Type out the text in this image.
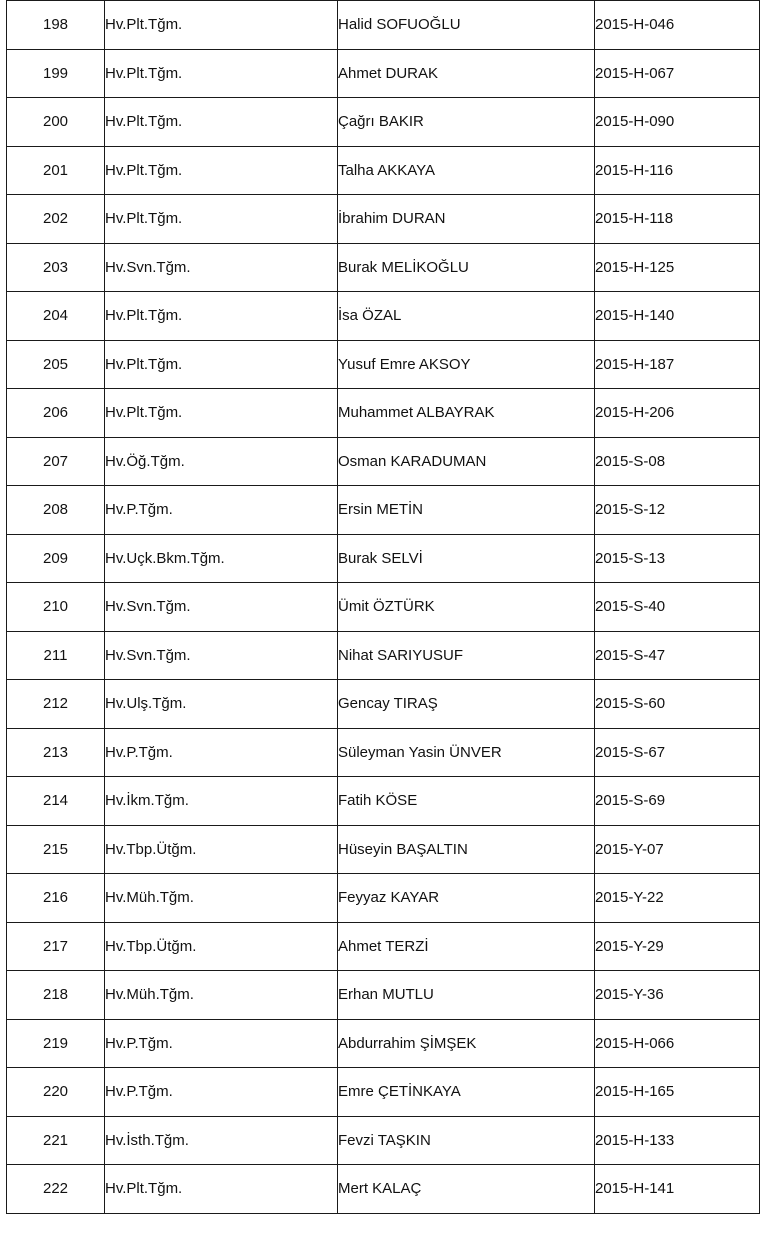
198	Hv.Plt.Tğm.	Halid SOFUOĞLU	2015-H-046
199	Hv.Plt.Tğm.	Ahmet DURAK	2015-H-067
200	Hv.Plt.Tğm.	Çağrı BAKIR	2015-H-090
201	Hv.Plt.Tğm.	Talha AKKAYA	2015-H-116
202	Hv.Plt.Tğm.	İbrahim DURAN	2015-H-118
203	Hv.Svn.Tğm.	Burak MELİKOĞLU	2015-H-125
204	Hv.Plt.Tğm.	İsa ÖZAL	2015-H-140
205	Hv.Plt.Tğm.	Yusuf Emre AKSOY	2015-H-187
206	Hv.Plt.Tğm.	Muhammet ALBAYRAK	2015-H-206
207	Hv.Öğ.Tğm.	Osman KARADUMAN	2015-S-08
208	Hv.P.Tğm.	Ersin METİN	2015-S-12
209	Hv.Uçk.Bkm.Tğm.	Burak SELVİ	2015-S-13
210	Hv.Svn.Tğm.	Ümit ÖZTÜRK	2015-S-40
211	Hv.Svn.Tğm.	Nihat SARIYUSUF	2015-S-47
212	Hv.Ulş.Tğm.	Gencay TIRAŞ	2015-S-60
213	Hv.P.Tğm.	Süleyman Yasin ÜNVER	2015-S-67
214	Hv.İkm.Tğm.	Fatih KÖSE	2015-S-69
215	Hv.Tbp.Ütğm.	Hüseyin BAŞALTIN	2015-Y-07
216	Hv.Müh.Tğm.	Feyyaz KAYAR	2015-Y-22
217	Hv.Tbp.Ütğm.	Ahmet TERZİ	2015-Y-29
218	Hv.Müh.Tğm.	Erhan MUTLU	2015-Y-36
219	Hv.P.Tğm.	Abdurrahim ŞİMŞEK	2015-H-066
220	Hv.P.Tğm.	Emre ÇETİNKAYA	2015-H-165
221	Hv.İsth.Tğm.	Fevzi TAŞKIN	2015-H-133
222	Hv.Plt.Tğm.	Mert KALAÇ	2015-H-141
